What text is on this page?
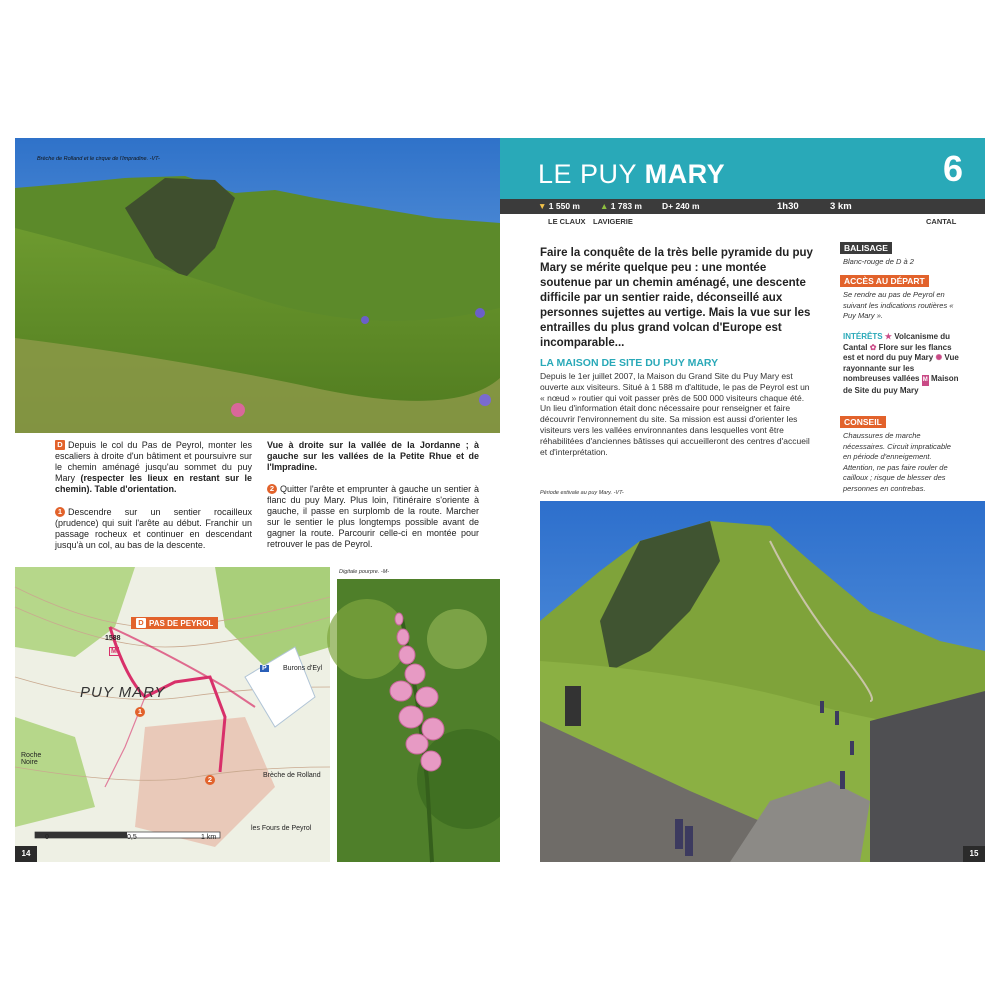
Brèche de Rolland et le cirque de l'Impradine. -VT-
D Depuis le col du Pas de Peyrol, monter les escaliers à droite d'un bâtiment et poursuivre sur le chemin aménagé jusqu'au sommet du puy Mary (respecter les lieux en restant sur le chemin). Table d'orientation.
1 Descendre sur un sentier rocailleux (prudence) qui suit l'arête au début. Franchir un passage rocheux et continuer en descendant jusqu'à un col, au bas de la descente.
Vue à droite sur la vallée de la Jordanne ; à gauche sur les vallées de la Petite Rhue et de l'Impradine.
2 Quitter l'arête et emprunter à gauche un sentier à flanc du puy Mary. Plus loin, l'itinéraire s'oriente à gauche, il passe en surplomb de la route. Marcher sur le sentier le plus longtemps possible avant de gagner la route. Parcourir celle-ci en montée pour retrouver le pas de Peyrol.
D PAS DE PEYROL
1588
M
PUY MARY
1
2
P Burons d'Eyl
Brèche de Rolland
les Fours de Peyrol
Roche Noire
0	0,5	1 km
14
Digitale pourpre. -M-
LE PUY MARY	6
▼ 1 550 m ▲ 1 783 m D+ 240 m	1h30	3 km
LE CLAUX LAVIGERIE	CANTAL
Faire la conquête de la très belle pyramide du puy Mary se mérite quelque peu : une montée soutenue par un chemin aménagé, une descente difficile par un sentier raide, déconseillé aux personnes sujettes au vertige. Mais la vue sur les entrailles du plus grand volcan d'Europe est incomparable...
LA MAISON DE SITE DU PUY MARY
Depuis le 1er juillet 2007, la Maison du Grand Site du Puy Mary est ouverte aux visiteurs. Situé à 1 588 m d'altitude, le pas de Peyrol est un « nœud » routier qui voit passer près de 500 000 visiteurs chaque été. Un lieu d'information était donc nécessaire pour renseigner et faire découvrir l'environnement du site. Sa mission est aussi d'orienter les visiteurs vers les vallées environnantes dans lesquelles vont être réhabilitées d'anciennes bâtisses qui accueilleront des centres d'accueil et d'interprétation.
BALISAGE
Blanc-rouge de D à 2
ACCÈS AU DÉPART
Se rendre au pas de Peyrol en suivant les indications routières « Puy Mary ».
INTÉRÊTS ★ Volcanisme du Cantal ✿ Flore sur les flancs est et nord du puy Mary ✺ Vue rayonnante sur les nombreuses vallées M Maison de Site du puy Mary
CONSEIL
Chaussures de marche nécessaires. Circuit impraticable en période d'enneigement. Attention, ne pas faire rouler de cailloux ; risque de blesser des personnes en contrebas.
Période estivale au puy Mary. -VT-
15
